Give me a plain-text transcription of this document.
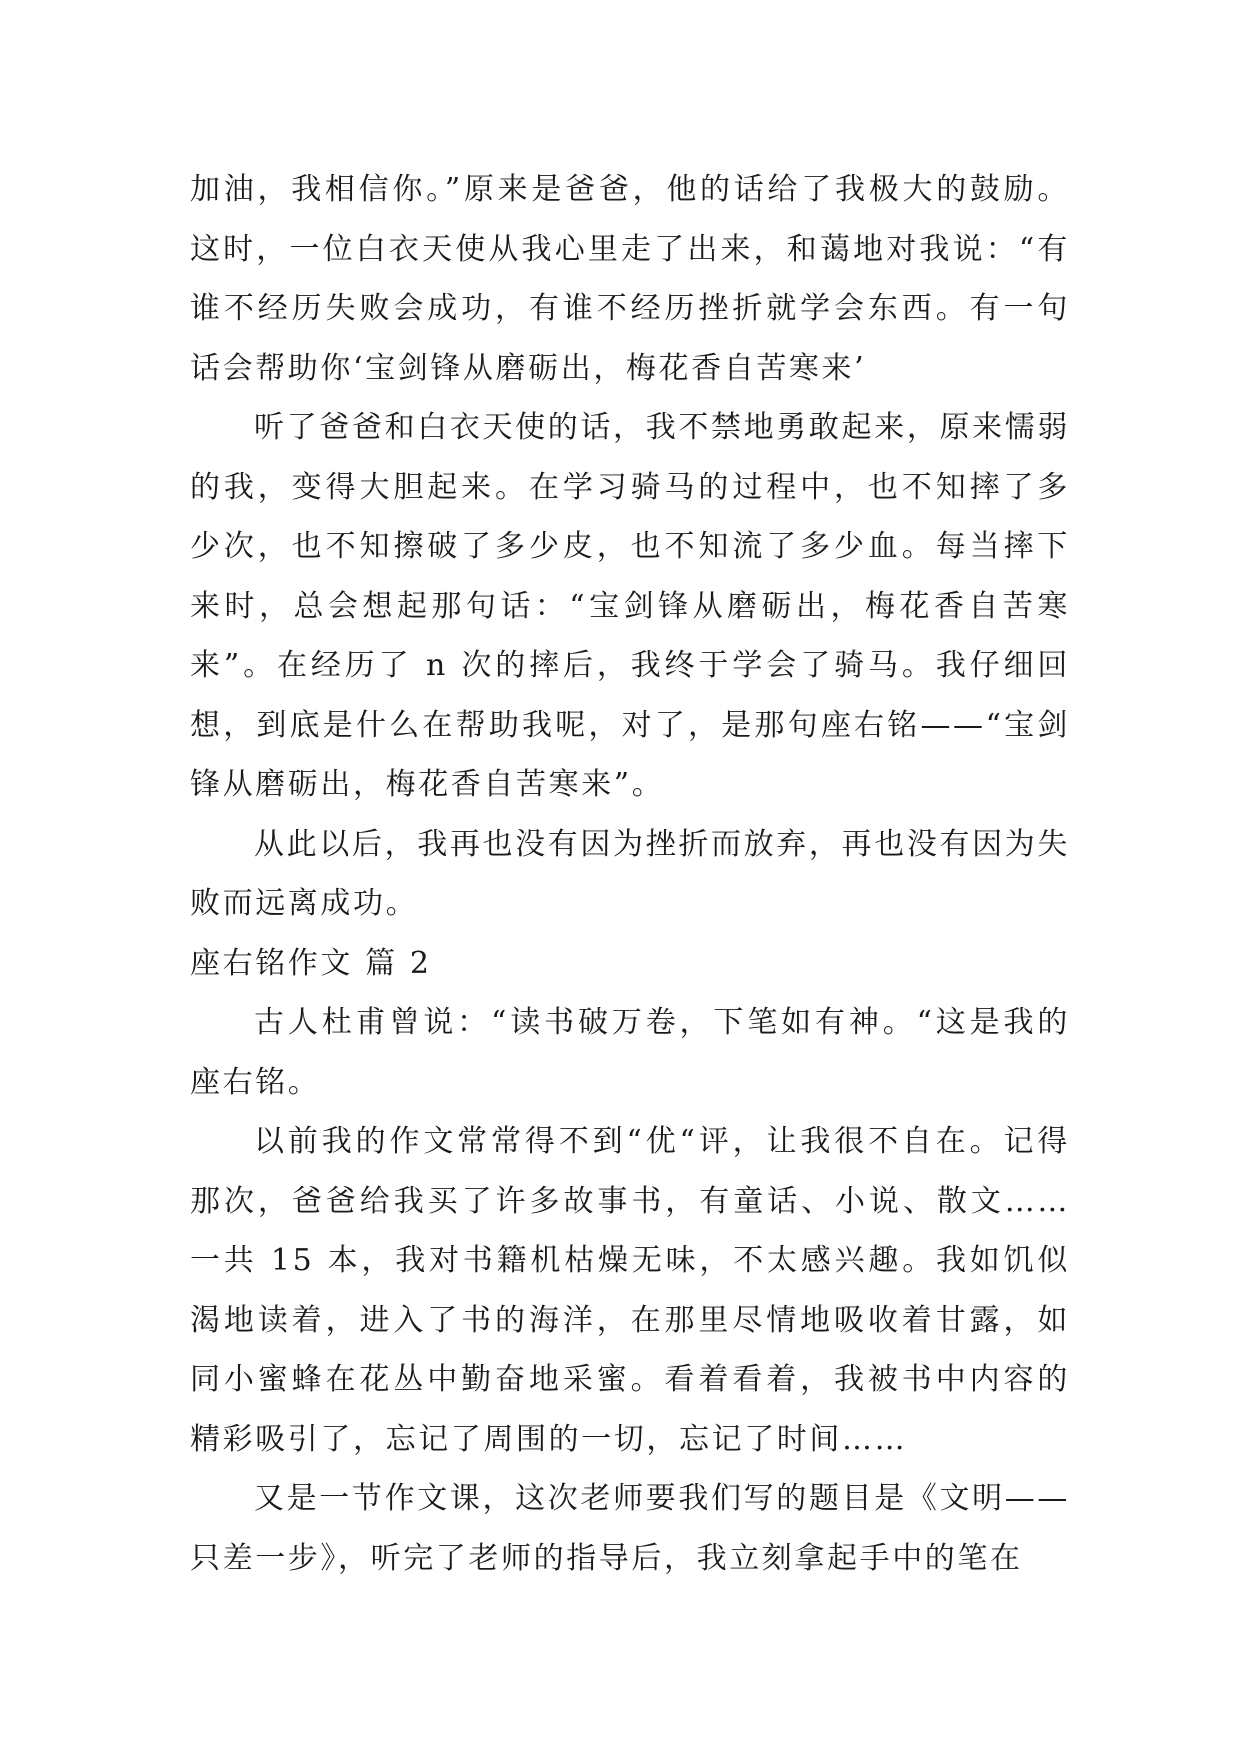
加油，我相信你。”原来是爸爸，他的话给了我极大的鼓励。这时，一位白衣天使从我心里走了出来，和蔼地对我说：“有谁不经历失败会成功，有谁不经历挫折就学会东西。有一句话会帮助你‘宝剑锋从磨砺出，梅花香自苦寒来’

听了爸爸和白衣天使的话，我不禁地勇敢起来，原来懦弱的我，变得大胆起来。在学习骑马的过程中，也不知摔了多少次，也不知擦破了多少皮，也不知流了多少血。每当摔下来时，总会想起那句话：“宝剑锋从磨砺出，梅花香自苦寒来”。在经历了 n 次的摔后，我终于学会了骑马。我仔细回想，到底是什么在帮助我呢，对了，是那句座右铭——“宝剑锋从磨砺出，梅花香自苦寒来”。

从此以后，我再也没有因为挫折而放弃，再也没有因为失败而远离成功。

座右铭作文 篇 2

古人杜甫曾说：“读书破万卷，下笔如有神。“这是我的座右铭。

以前我的作文常常得不到“优“评，让我很不自在。记得那次，爸爸给我买了许多故事书，有童话、小说、散文……一共 15 本，我对书籍机枯燥无味，不太感兴趣。我如饥似渴地读着，进入了书的海洋，在那里尽情地吸收着甘露，如同小蜜蜂在花丛中勤奋地采蜜。看着看着，我被书中内容的精彩吸引了，忘记了周围的一切，忘记了时间……

又是一节作文课，这次老师要我们写的题目是《文明——只差一步》，听完了老师的指导后，我立刻拿起手中的笔在
